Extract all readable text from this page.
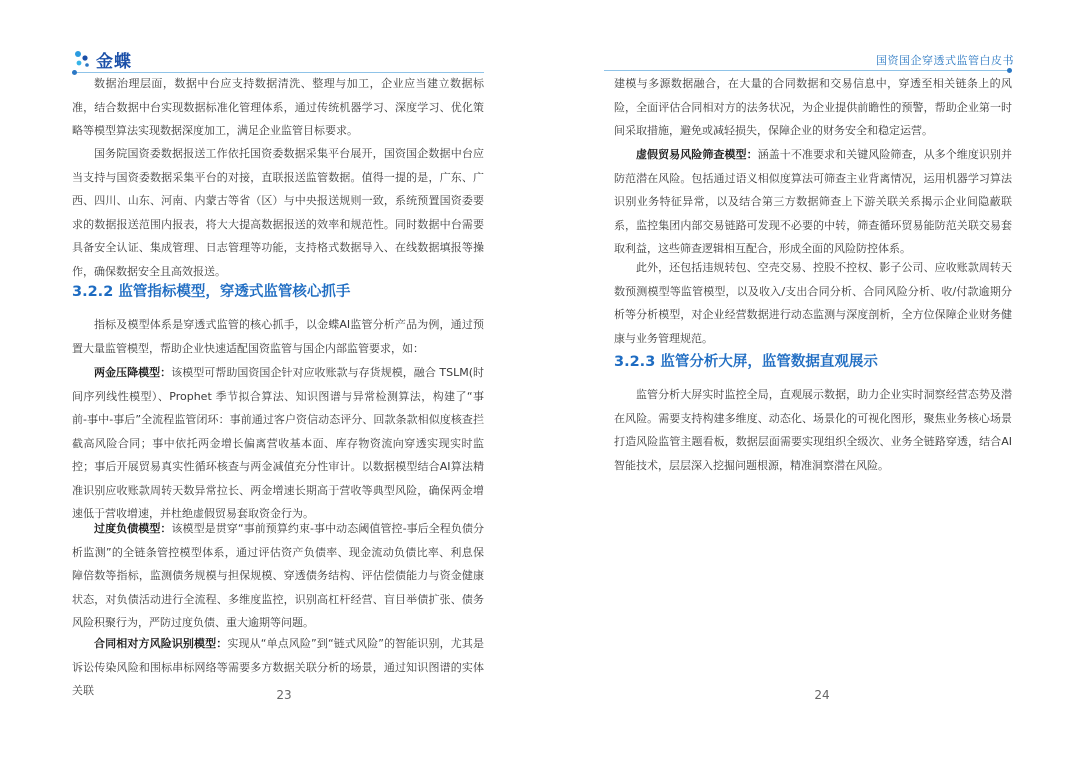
金蝶

数据治理层面，数据中台应支持数据清洗、整理与加工，企业应当建立数据标准，结合数据中台实现数据标准化管理体系，通过传统机器学习、深度学习、优化策略等模型算法实现数据深度加工，满足企业监管目标要求。

国务院国资委数据报送工作依托国资委数据采集平台展开，国资国企数据中台应当支持与国资委数据采集平台的对接，直联报送监管数据。值得一提的是，广东、广西、四川、山东、河南、内蒙古等省（区）与中央报送规则一致，系统预置国资委要求的数据报送范围内报表，将大大提高数据报送的效率和规范性。同时数据中台需要具备安全认证、集成管理、日志管理等功能，支持格式数据导入、在线数据填报等操作，确保数据安全且高效报送。

3.2.2 监管指标模型，穿透式监管核心抓手

指标及模型体系是穿透式监管的核心抓手，以金蝶AI监管分析产品为例，通过预置大量监管模型，帮助企业快速适配国资监管与国企内部监管要求，如：

两金压降模型：该模型可帮助国资国企针对应收账款与存货规模，融合 TSLM(时间序列线性模型）、Prophet 季节拟合算法、知识图谱与异常检测算法，构建了“事前-事中-事后”全流程监管闭环：事前通过客户资信动态评分、回款条款相似度核查拦截高风险合同；事中依托两金增长偏离营收基本面、库存物资流向穿透实现实时监控；事后开展贸易真实性循环核查与两金减值充分性审计。以数据模型结合AI算法精准识别应收账款周转天数异常拉长、两金增速长期高于营收等典型风险，确保两金增速低于营收增速，并杜绝虚假贸易套取资金行为。

过度负债模型：该模型是贯穿“事前预算约束-事中动态阈值管控-事后全程负债分析监测”的全链条管控模型体系，通过评估资产负债率、现金流动负债比率、利息保障倍数等指标，监测债务规模与担保规模、穿透债务结构、评估偿债能力与资金健康状态，对负债活动进行全流程、多维度监控，识别高杠杆经营、盲目举债扩张、债务风险积聚行为，严防过度负债、重大逾期等问题。

合同相对方风险识别模型：实现从“单点风险”到“链式风险”的智能识别，尤其是诉讼传染风险和围标串标网络等需要多方数据关联分析的场景，通过知识图谱的实体关联	23
国资国企穿透式监管白皮书

建模与多源数据融合，在大量的合同数据和交易信息中，穿透至相关链条上的风险，全面评估合同相对方的法务状况，为企业提供前瞻性的预警，帮助企业第一时间采取措施，避免或减轻损失，保障企业的财务安全和稳定运营。

虚假贸易风险筛查模型：涵盖十不准要求和关键风险筛查，从多个维度识别并防范潜在风险。包括通过语义相似度算法可筛查主业背离情况，运用机器学习算法识别业务特征异常，以及结合第三方数据筛查上下游关联关系揭示企业间隐蔽联系，监控集团内部交易链路可发现不必要的中转，筛查循环贸易能防范关联交易套取利益，这些筛查逻辑相互配合，形成全面的风险防控体系。

此外，还包括违规转包、空壳交易、控股不控权、影子公司、应收账款周转天数预测模型等监管模型，以及收入/支出合同分析、合同风险分析、收/付款逾期分析等分析模型，对企业经营数据进行动态监测与深度剖析，全方位保障企业财务健康与业务管理规范。

3.2.3 监管分析大屏，监管数据直观展示

监管分析大屏实时监控全局，直观展示数据，助力企业实时洞察经营态势及潜在风险。需要支持构建多维度、动态化、场景化的可视化图形，聚焦业务核心场景打造风险监管主题看板，数据层面需要实现组织全级次、业务全链路穿透，结合AI智能技术，层层深入挖掘问题根源，精准洞察潜在风险。

24
